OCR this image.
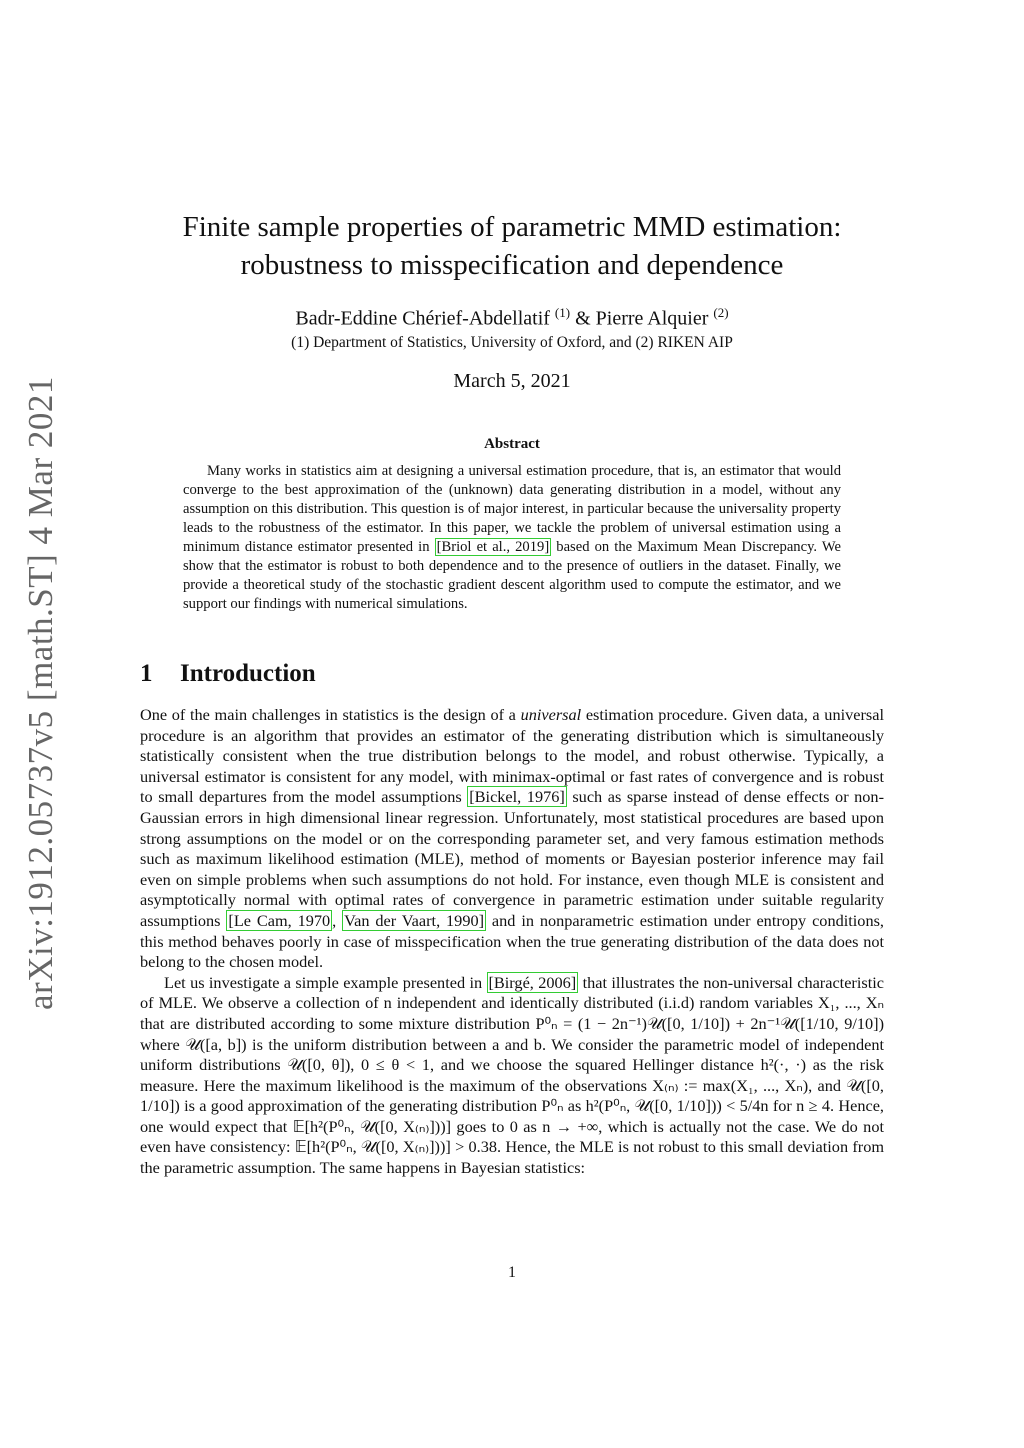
arXiv:1912.05737v5 [math.ST] 4 Mar 2021
Finite sample properties of parametric MMD estimation:
robustness to misspecification and dependence
Badr-Eddine Chérief-Abdellatif $^{(1)}$ & Pierre Alquier $^{(2)}$
(1) Department of Statistics, University of Oxford, and (2) RIKEN AIP
March 5, 2021
Abstract
Many works in statistics aim at designing a universal estimation procedure, that is, an estimator that would converge to the best approximation of the (unknown) data generating distribution in a model, without any assumption on this distribution. This question is of major interest, in particular because the universality property leads to the robustness of the estimator. In this paper, we tackle the problem of universal estimation using a minimum distance estimator presented in [Briol et al., 2019] based on the Maximum Mean Discrepancy. We show that the estimator is robust to both dependence and to the presence of outliers in the dataset. Finally, we provide a theoretical study of the stochastic gradient descent algorithm used to compute the estimator, and we support our findings with numerical simulations.
1 Introduction

One of the main challenges in statistics is the design of a universal estimation procedure. Given data, a universal procedure is an algorithm that provides an estimator of the generating distribution which is simultaneously statistically consistent when the true distribution belongs to the model, and robust otherwise. Typically, a universal estimator is consistent for any model, with minimax-optimal or fast rates of convergence and is robust to small departures from the model assumptions [Bickel, 1976] such as sparse instead of dense effects or non-Gaussian errors in high dimensional linear regression. Unfortunately, most statistical procedures are based upon strong assumptions on the model or on the corresponding parameter set, and very famous estimation methods such as maximum likelihood estimation (MLE), method of moments or Bayesian posterior inference may fail even on simple problems when such assumptions do not hold. For instance, even though MLE is consistent and asymptotically normal with optimal rates of convergence in parametric estimation under suitable regularity assumptions [Le Cam, 1970 , Van der Vaart, 1990] and in nonparametric estimation under entropy conditions, this method behaves poorly in case of misspecification when the true generating distribution of the data does not belong to the chosen model.

Let us investigate a simple example presented in [Birgé, 2006] that illustrates the non-universal characteristic of MLE. We observe a collection of n independent and identically distributed (i.i.d) random variables X₁, ..., Xₙ that are distributed according to some mixture distribution P⁰ₙ = (1 − 2n⁻¹)𝒰([0, 1/10]) + 2n⁻¹𝒰([1/10, 9/10]) where 𝒰([a, b]) is the uniform distribution between a and b. We consider the parametric model of independent uniform distributions 𝒰([0, θ]), 0 ≤ θ < 1, and we choose the squared Hellinger distance h²(·, ·) as the risk measure. Here the maximum likelihood is the maximum of the observations X₍ₙ₎ := max(X₁, ..., Xₙ), and 𝒰([0, 1/10]) is a good approximation of the generating distribution P⁰ₙ as h²(P⁰ₙ, 𝒰([0, 1/10])) < 5/4n for n ≥ 4. Hence, one would expect that 𝔼[h²(P⁰ₙ, 𝒰([0, X₍ₙ₎]))] goes to 0 as n → +∞, which is actually not the case. We do not even have consistency: 𝔼[h²(P⁰ₙ, 𝒰([0, X₍ₙ₎]))] > 0.38. Hence, the MLE is not robust to this small deviation from the parametric assumption. The same happens in Bayesian statistics:

1
